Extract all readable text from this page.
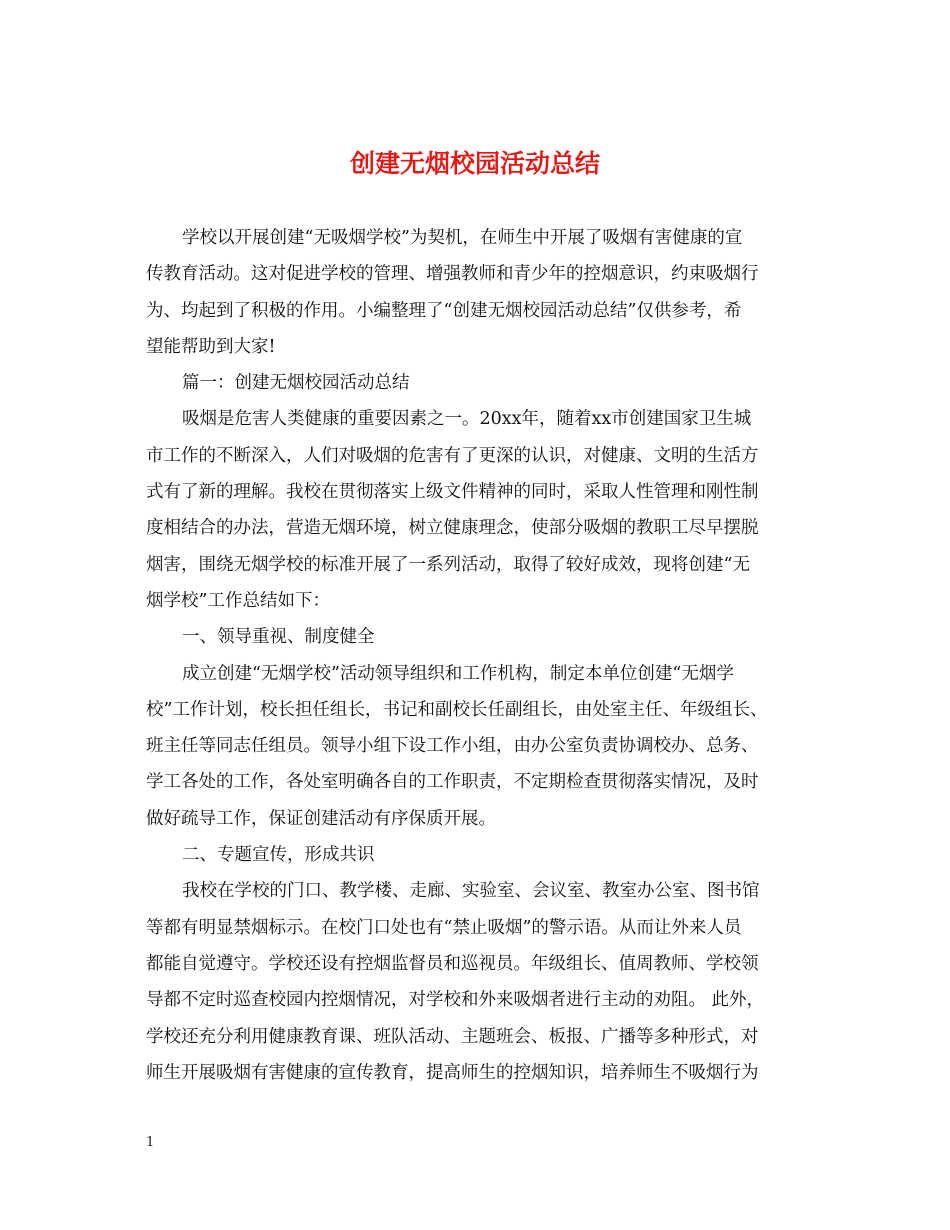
创建无烟校园活动总结
学校以开展创建“无吸烟学校”为契机，在师生中开展了吸烟有害健康的宣
传教育活动。这对促进学校的管理、增强教师和青少年的控烟意识，约束吸烟行
为、均起到了积极的作用。小编整理了“创建无烟校园活动总结”仅供参考，希
望能帮助到大家!
篇一：创建无烟校园活动总结
吸烟是危害人类健康的重要因素之一。20xx年，随着xx市创建国家卫生城
市工作的不断深入，人们对吸烟的危害有了更深的认识，对健康、文明的生活方
式有了新的理解。我校在贯彻落实上级文件精神的同时，采取人性管理和刚性制
度相结合的办法，营造无烟环境，树立健康理念，使部分吸烟的教职工尽早摆脱
烟害，围绕无烟学校的标准开展了一系列活动，取得了较好成效，现将创建“无
烟学校”工作总结如下：
一、领导重视、制度健全
成立创建“无烟学校”活动领导组织和工作机构，制定本单位创建“无烟学
校”工作计划，校长担任组长，书记和副校长任副组长，由处室主任、年级组长、
班主任等同志任组员。领导小组下设工作小组，由办公室负责协调校办、总务、
学工各处的工作，各处室明确各自的工作职责，不定期检查贯彻落实情况，及时
做好疏导工作，保证创建活动有序保质开展。
二、专题宣传，形成共识
我校在学校的门口、教学楼、走廊、实验室、会议室、教室办公室、图书馆
等都有明显禁烟标示。在校门口处也有“禁止吸烟”的警示语。从而让外来人员
都能自觉遵守。学校还设有控烟监督员和巡视员。年级组长、值周教师、学校领
导都不定时巡查校园内控烟情况，对学校和外来吸烟者进行主动的劝阻。 此外，
学校还充分利用健康教育课、班队活动、主题班会、板报、广播等多种形式，对
师生开展吸烟有害健康的宣传教育，提高师生的控烟知识，培养师生不吸烟行为
1
